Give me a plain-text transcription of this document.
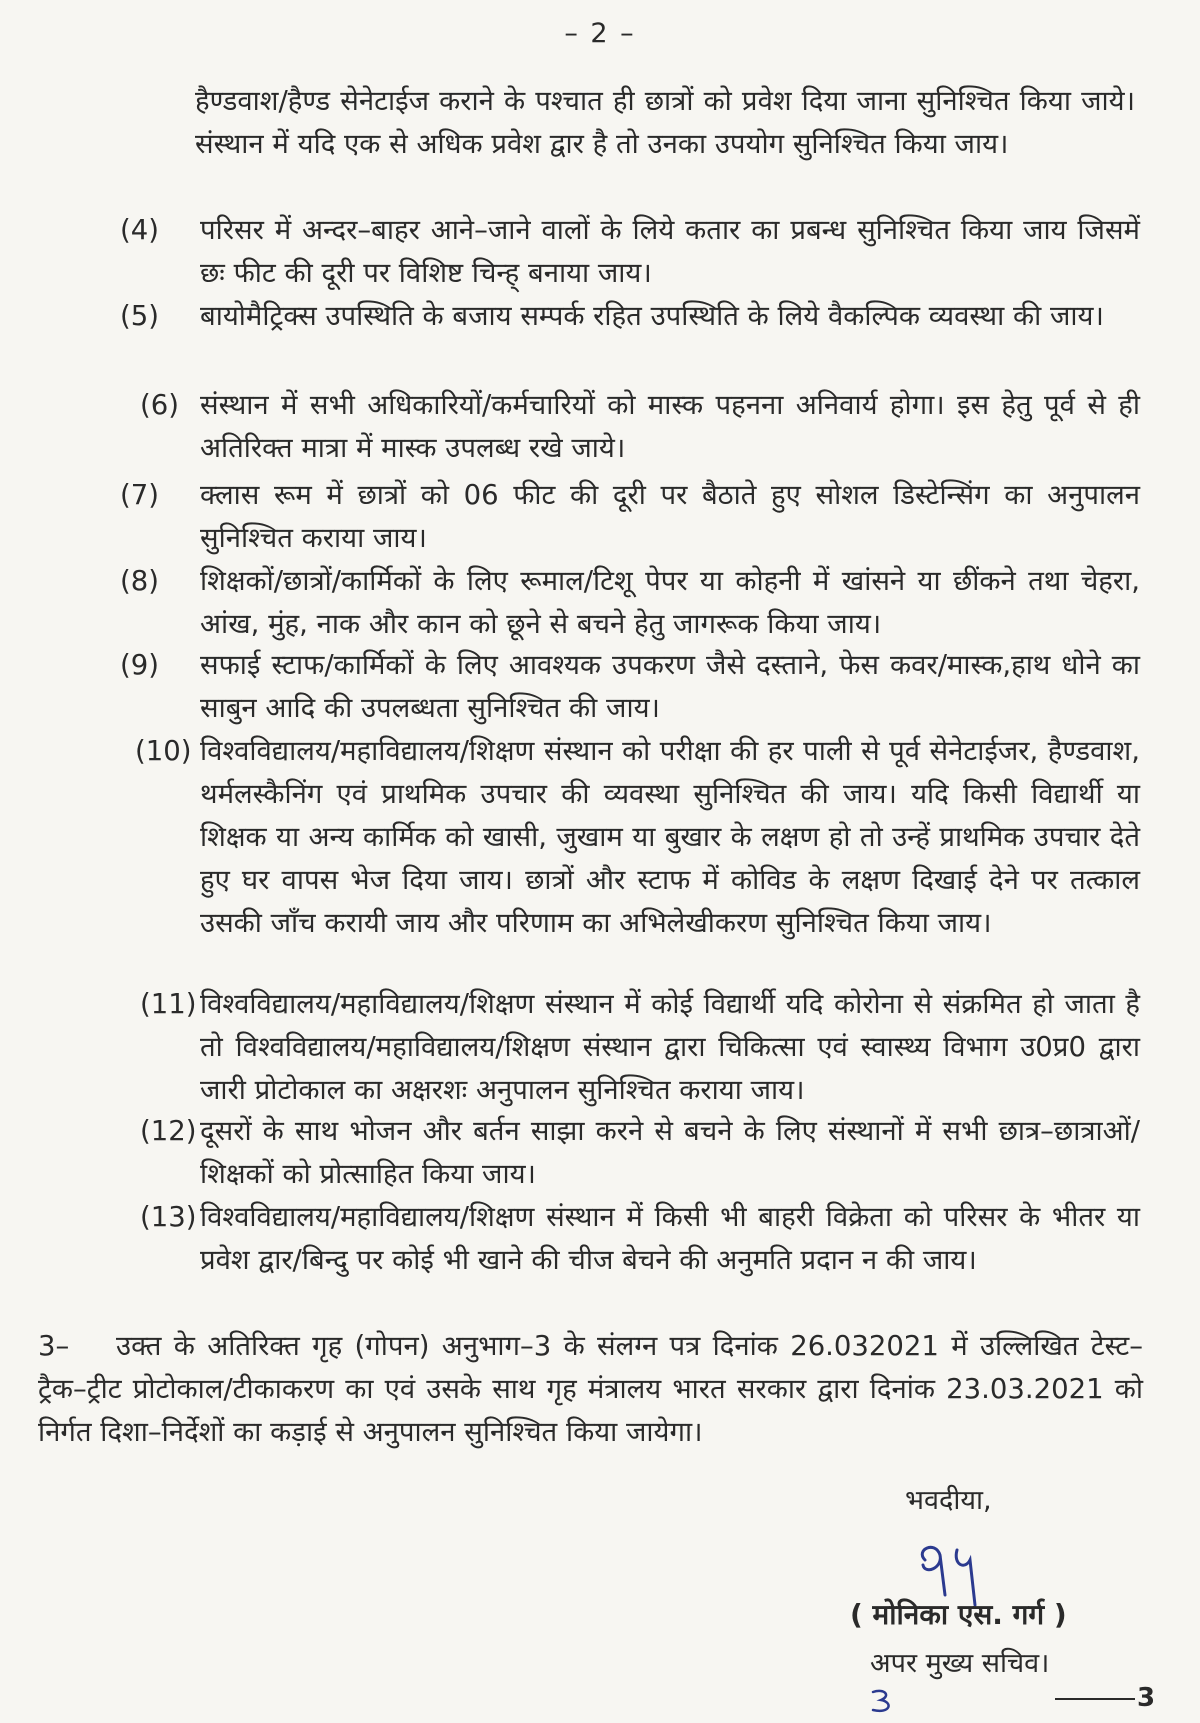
– 2 –

हैण्डवाश/हैण्ड सेनेटाईज कराने के पश्चात ही छात्रों को प्रवेश दिया जाना सुनिश्चित किया जाये। संस्थान में यदि एक से अधिक प्रवेश द्वार है तो उनका उपयोग सुनिश्चित किया जाय।

(4)	परिसर में अन्दर–बाहर आने–जाने वालों के लिये कतार का प्रबन्ध सुनिश्चित किया जाय जिसमें छः फीट की दूरी पर विशिष्ट चिन्ह् बनाया जाय।

(5)	बायोमैट्रिक्स उपस्थिति के बजाय सम्पर्क रहित उपस्थिति के लिये वैकल्पिक व्यवस्था की जाय।

(6) संस्थान में सभी अधिकारियों/कर्मचारियों को मास्क पहनना अनिवार्य होगा। इस हेतु पूर्व से ही अतिरिक्त मात्रा में मास्क उपलब्ध रखे जाये।

(7)	क्लास रूम में छात्रों को 06 फीट की दूरी पर बैठाते हुए सोशल डिस्टेन्सिंग का अनुपालन सुनिश्चित कराया जाय।

(8)	शिक्षकों/छात्रों/कार्मिकों के लिए रूमाल/टिशू पेपर या कोहनी में खांसने या छींकने तथा चेहरा, आंख, मुंह, नाक और कान को छूने से बचने हेतु जागरूक किया जाय।

(9)	सफाई स्टाफ/कार्मिकों के लिए आवश्यक उपकरण जैसे दस्ताने, फेस कवर/मास्क,हाथ धोने का साबुन आदि की उपलब्धता सुनिश्चित की जाय।

(10) विश्वविद्यालय/महाविद्यालय/शिक्षण संस्थान को परीक्षा की हर पाली से पूर्व सेनेटाईजर, हैण्डवाश, थर्मलस्कैनिंग एवं प्राथमिक उपचार की व्यवस्था सुनिश्चित की जाय। यदि किसी विद्यार्थी या शिक्षक या अन्य कार्मिक को खासी, जुखाम या बुखार के लक्षण हो तो उन्हें प्राथमिक उपचार देते हुए घर वापस भेज दिया जाय। छात्रों और स्टाफ में कोविड के लक्षण दिखाई देने पर तत्काल उसकी जाँच करायी जाय और परिणाम का अभिलेखीकरण सुनिश्चित किया जाय।

(11) विश्वविद्यालय/महाविद्यालय/शिक्षण संस्थान में कोई विद्यार्थी यदि कोरोना से संक्रमित हो जाता है तो विश्वविद्यालय/महाविद्यालय/शिक्षण संस्थान द्वारा चिकित्सा एवं स्वास्थ्य विभाग उ0प्र0 द्वारा जारी प्रोटोकाल का अक्षरशः अनुपालन सुनिश्चित कराया जाय।

(12) दूसरों के साथ भोजन और बर्तन साझा करने से बचने के लिए संस्थानों में सभी छात्र–छात्राओं/शिक्षकों को प्रोत्साहित किया जाय।

(13) विश्वविद्यालय/महाविद्यालय/शिक्षण संस्थान में किसी भी बाहरी विक्रेता को परिसर के भीतर या प्रवेश द्वार/बिन्दु पर कोई भी खाने की चीज बेचने की अनुमति प्रदान न की जाय।

3– उक्त के अतिरिक्त गृह (गोपन) अनुभाग–3 के संलग्न पत्र दिनांक 26.032021 में उल्लिखित टेस्ट–ट्रैक–ट्रीट प्रोटोकाल/टीकाकरण का एवं उसके साथ गृह मंत्रालय भारत सरकार द्वारा दिनांक 23.03.2021 को निर्गत दिशा–निर्देशों का कड़ाई से अनुपालन सुनिश्चित किया जायेगा।

भवदीया,
( मोनिका एस. गर्ग )
अपर मुख्य सचिव।
3
